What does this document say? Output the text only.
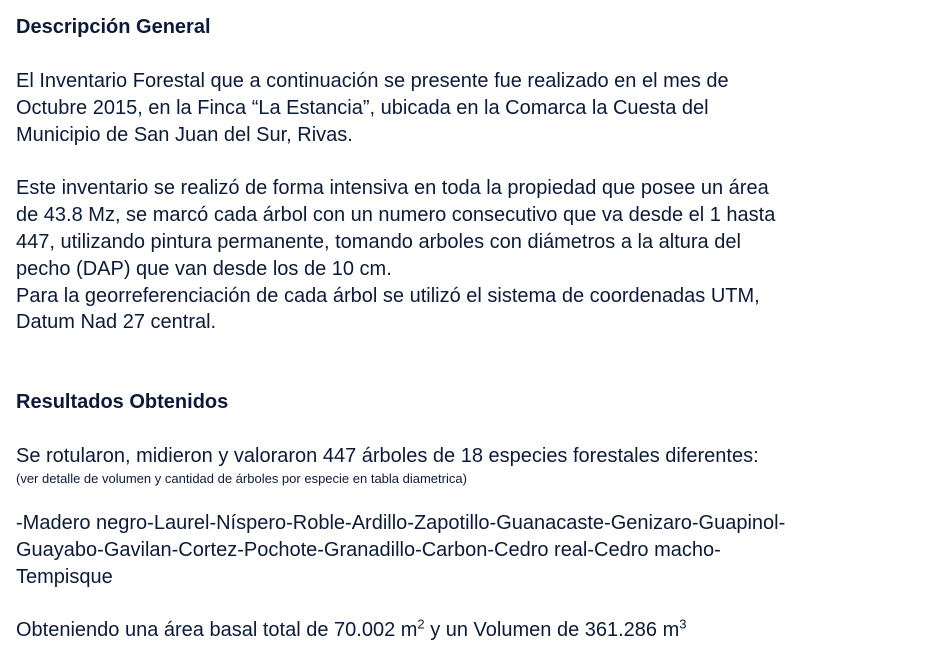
Descripción General

El Inventario Forestal que a continuación se presente fue realizado en el mes de

Octubre 2015, en la Finca “La Estancia”, ubicada en la Comarca la Cuesta del

Municipio de San Juan del Sur, Rivas.

Este inventario se realizó de forma intensiva en toda la propiedad que posee un área

de 43.8 Mz, se marcó cada árbol con un numero consecutivo que va desde el 1 hasta

447, utilizando pintura permanente, tomando arboles con diámetros a la altura del

pecho (DAP) que van desde los de 10 cm.

Para la georreferenciación de cada árbol se utilizó el sistema de coordenadas UTM,

Datum Nad 27 central.

Resultados Obtenidos

Se rotularon, midieron y valoraron 447 árboles de 18 especies forestales diferentes:

(ver detalle de volumen y cantidad de árboles por especie en tabla diametrica)

-Madero negro-Laurel-Níspero-Roble-Ardillo-Zapotillo-Guanacaste-Genizaro-Guapinol-

Guayabo-Gavilan-Cortez-Pochote-Granadillo-Carbon-Cedro real-Cedro macho-

Tempisque

Obteniendo una área basal total de 70.002 $m^2$ y un Volumen de 361.286 $m^3$
